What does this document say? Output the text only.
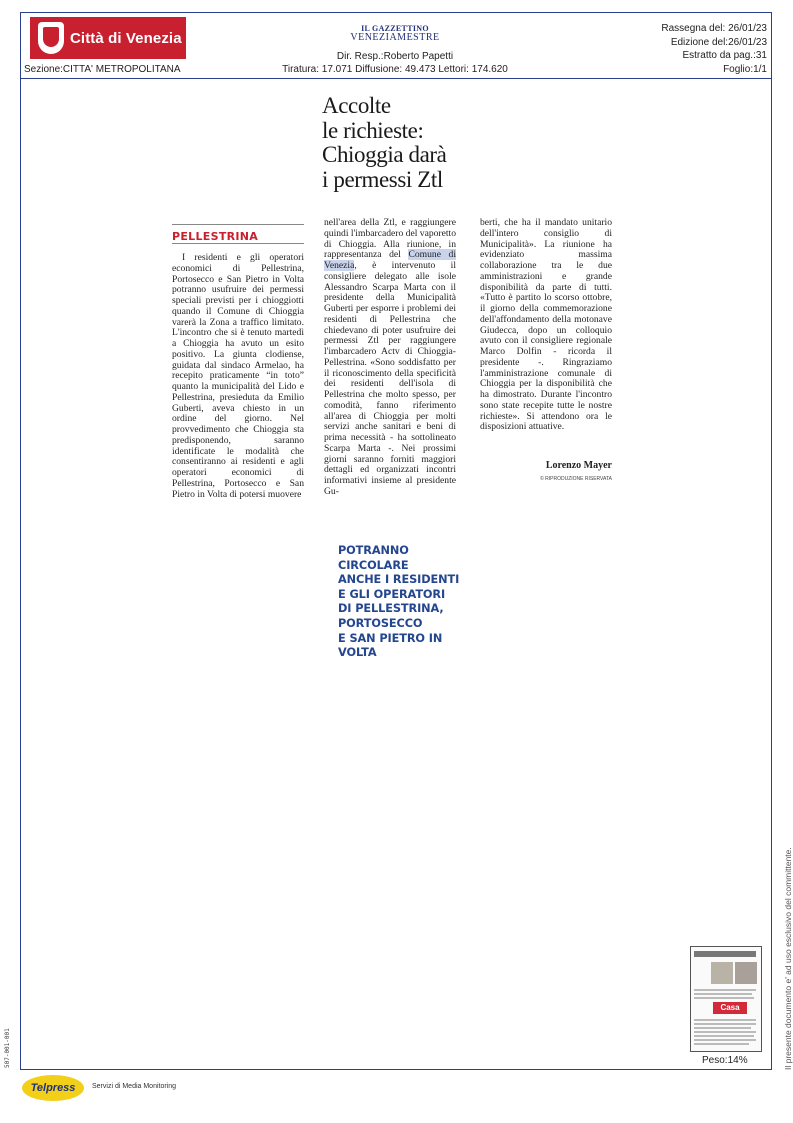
Città di Venezia
Sezione:CITTA' METROPOLITANA
IL GAZZETTINO
VENEZIAMESTRE
Dir. Resp.:Roberto Papetti
Tiratura: 17.071 Diffusione: 49.473 Lettori: 174.620
Rassegna del: 26/01/23
Edizione del:26/01/23
Estratto da pag.:31
Foglio:1/1
Accolte
le richieste:
Chioggia darà
i permessi Ztl
PELLESTRINA

I residenti e gli operatori economici di Pellestrina, Portosecco e San Pietro in Volta potranno usufruire dei permessi speciali previsti per i chioggiotti quando il Comune di Chioggia varerà la Zona a traffico limitato. L'incontro che si è tenuto martedì a Chioggia ha avuto un esito positivo. La giunta clodiense, guidata dal sindaco Armelao, ha recepito praticamente “in toto” quanto la municipalità del Lido e Pellestrina, presieduta da Emilio Guberti, aveva chiesto in un ordine del giorno. Nel provvedimento che Chioggia sta predisponendo, saranno identificate le modalità che consentiranno ai residenti e agli operatori economici di Pellestrina, Portosecco e San Pietro in Volta di potersi muovere

nell'area della Ztl, e raggiungere quindi l'imbarcadero del vaporetto di Chioggia. Alla riunione, in rappresentanza del Comune di Venezia, è intervenuto il consigliere delegato alle isole Alessandro Scarpa Marta con il presidente della Municipalità Guberti per esporre i problemi dei residenti di Pellestrina che chiedevano di poter usufruire dei permessi Ztl per raggiungere l'imbarcadero Actv di Chioggia-Pellestrina. «Sono soddisfatto per il riconoscimento della specificità dei residenti dell'isola di Pellestrina che molto spesso, per comodità, fanno riferimento all'area di Chioggia per molti servizi anche sanitari e beni di prima necessità - ha sottolineato Scarpa Marta -. Nei prossimi giorni saranno forniti maggiori dettagli ed organizzati incontri informativi insieme al presidente Gu-

berti, che ha il mandato unitario dell'intero consiglio di Municipalità». La riunione ha evidenziato massima collaborazione tra le due amministrazioni e grande disponibilità da parte di tutti. «Tutto è partito lo scorso ottobre, il giorno della commemorazione dell'affondamento della motonave Giudecca, dopo un colloquio avuto con il consigliere regionale Marco Dolfin - ricorda il presidente -. Ringraziamo l'amministrazione comunale di Chioggia per la disponibilità che ha dimostrato. Durante l'incontro sono state recepite tutte le nostre richieste». Si attendono ora le disposizioni attuative.

Lorenzo Mayer
© RIPRODUZIONE RISERVATA
POTRANNO CIRCOLARE
ANCHE I RESIDENTI
E GLI OPERATORI
DI PELLESTRINA,
PORTOSECCO
E SAN PIETRO IN VOLTA
Casa
Peso:14%	Il presente documento e' ad uso esclusivo del committente.
507-001-001
Telpress Servizi di Media Monitoring
